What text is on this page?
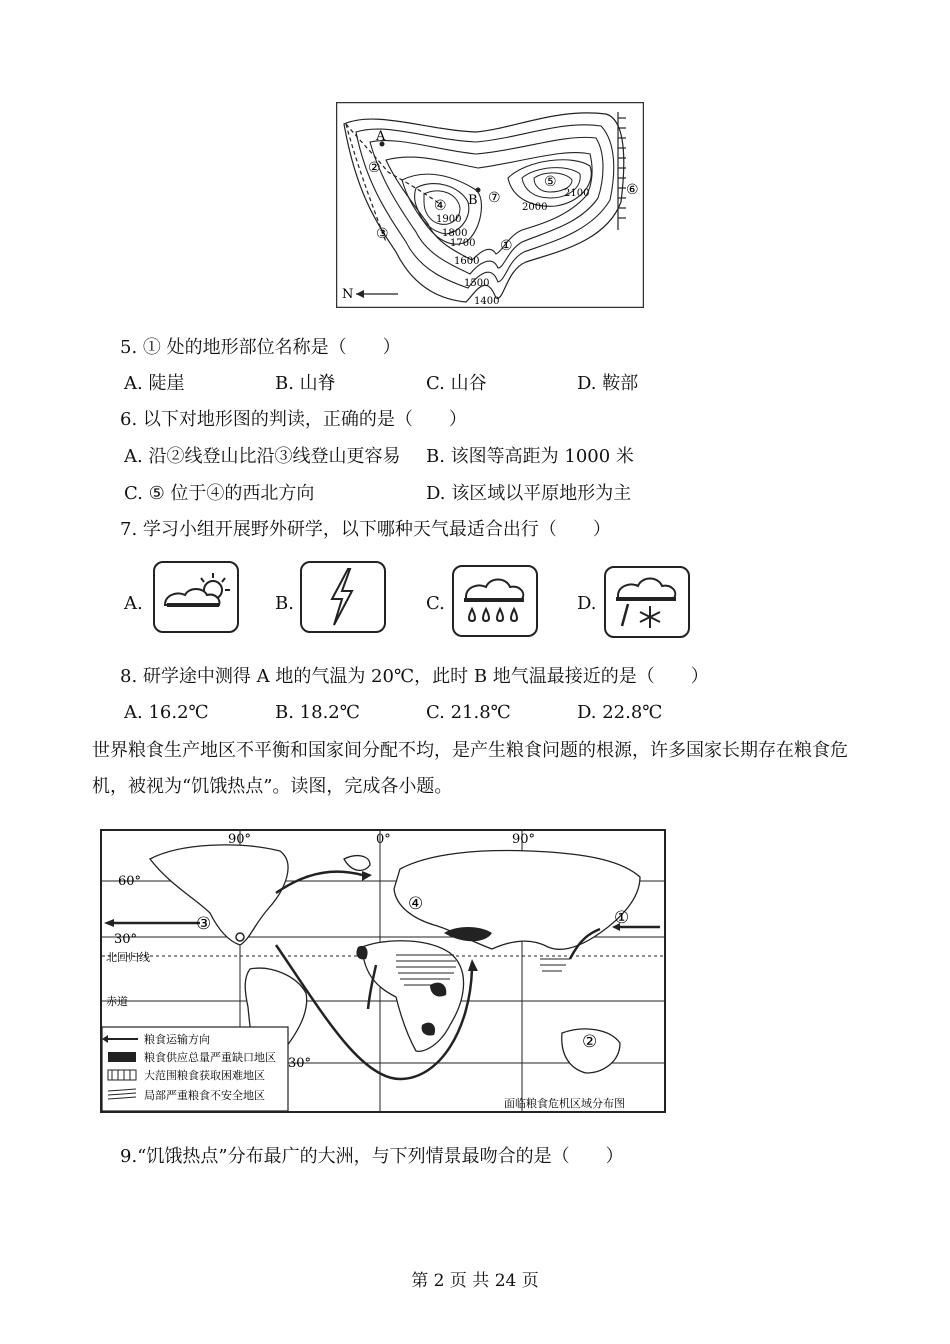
A
B
②
③
④
⑤	⑥
⑦
①
1400
1500
1600
1700
1800
1900
2000
2100
N
5. ① 处的地形部位名称是（　　）
A. 陡崖	B. 山脊	C. 山谷	D. 鞍部
6. 以下对地形图的判读，正确的是（　　）
A. 沿②线登山比沿③线登山更容易 B. 该图等高距为 1000 米
C. ⑤ 位于④的西北方向	D. 该区域以平原地形为主
7. 学习小组开展野外研学，以下哪种天气最适合出行（　　）
A.	B.	C.	D.
8. 研学途中测得 A 地的气温为 20℃，此时 B 地气温最接近的是（　　）
A. 16.2℃	B. 18.2℃	C. 21.8℃	D. 22.8℃
世界粮食生产地区不平衡和国家间分配不均，是产生粮食问题的根源，许多国家长期存在粮食危机，被视为“饥饿热点”。读图，完成各小题。
90°	0°	90°
60°
30°
30°
北回归线
赤道
③
④
①
②
粮食运输方向
粮食供应总量严重缺口地区
大范围粮食获取困难地区
局部严重粮食不安全地区
面临粮食危机区域分布图
9.“饥饿热点”分布最广的大洲，与下列情景最吻合的是（　　）
第 2 页 共 24 页
